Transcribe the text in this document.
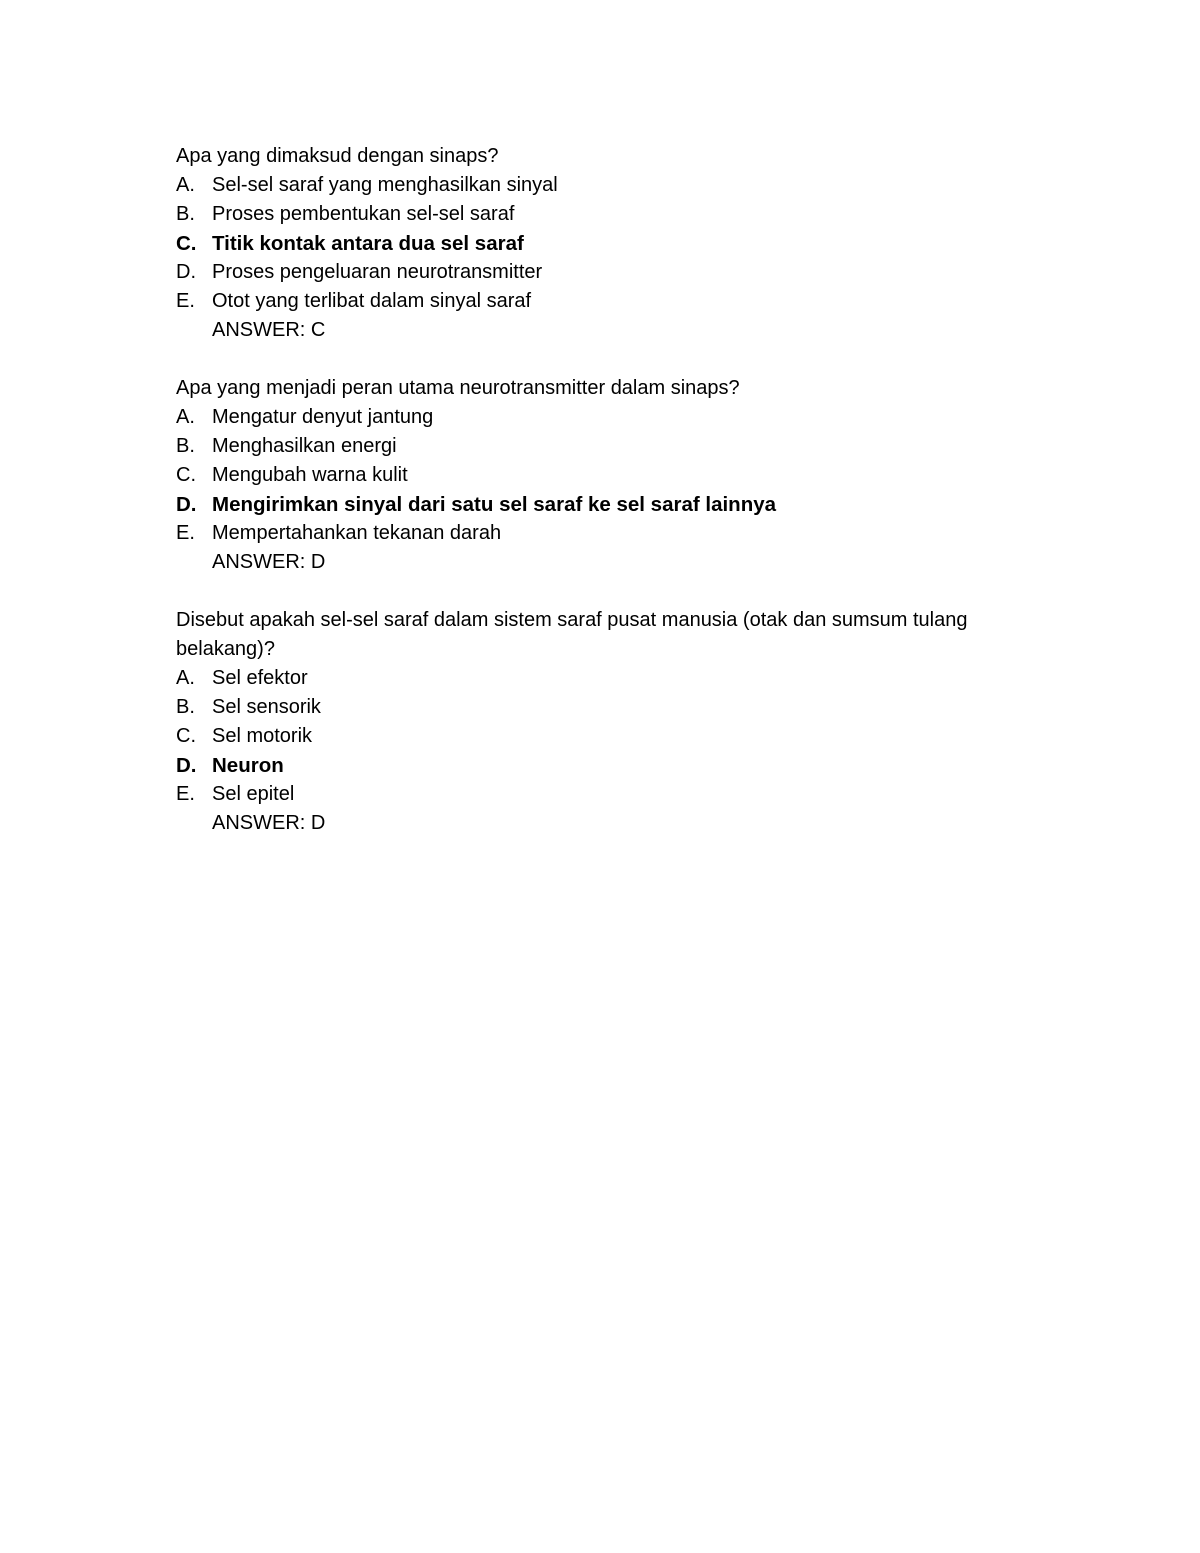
Apa yang dimaksud dengan sinaps?

A. Sel-sel saraf yang menghasilkan sinyal
B. Proses pembentukan sel-sel saraf
C. Titik kontak antara dua sel saraf
D. Proses pengeluaran neurotransmitter
E. Otot yang terlibat dalam sinyal saraf
ANSWER: C

Apa yang menjadi peran utama neurotransmitter dalam sinaps?

A. Mengatur denyut jantung
B. Menghasilkan energi
C. Mengubah warna kulit
D. Mengirimkan sinyal dari satu sel saraf ke sel saraf lainnya
E. Mempertahankan tekanan darah
ANSWER: D

Disebut apakah sel-sel saraf dalam sistem saraf pusat manusia (otak dan sumsum tulang belakang)?

A. Sel efektor
B. Sel sensorik
C. Sel motorik
D. Neuron
E. Sel epitel
ANSWER: D
